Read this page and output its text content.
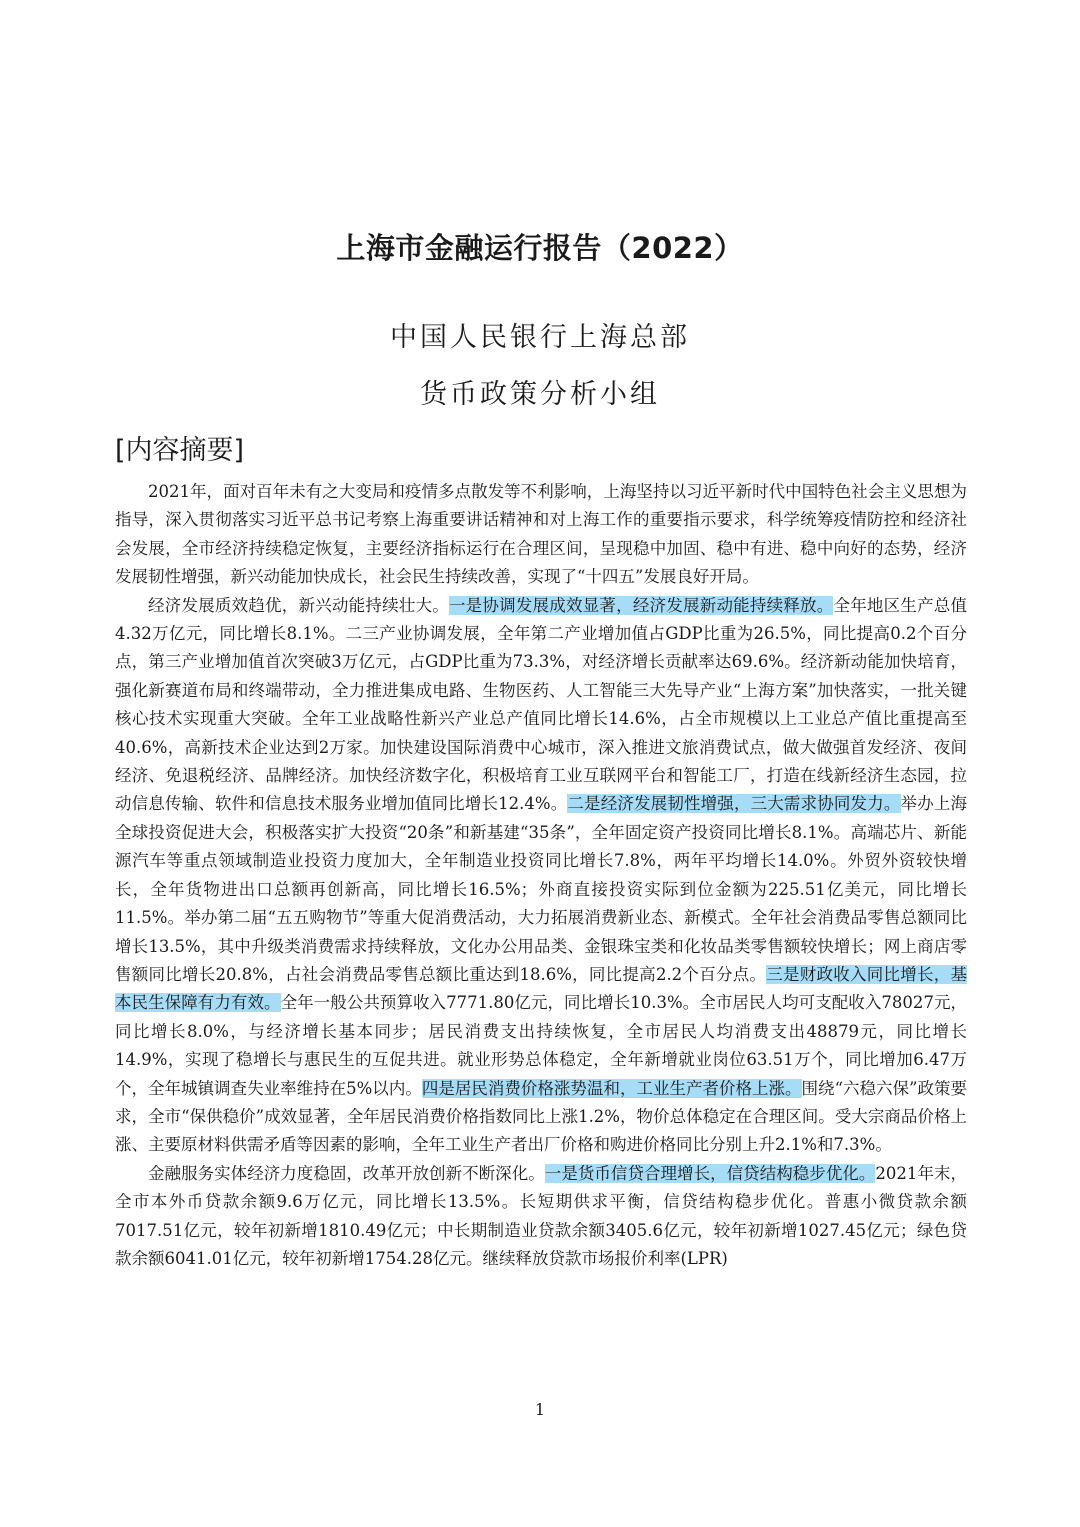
上海市金融运行报告（2022）
中国人民银行上海总部
货币政策分析小组
[内容摘要]

2021年，面对百年未有之大变局和疫情多点散发等不利影响，上海坚持以习近平新时代中国特色社会主义思想为指导，深入贯彻落实习近平总书记考察上海重要讲话精神和对上海工作的重要指示要求，科学统筹疫情防控和经济社会发展，全市经济持续稳定恢复，主要经济指标运行在合理区间，呈现稳中加固、稳中有进、稳中向好的态势，经济发展韧性增强，新兴动能加快成长，社会民生持续改善，实现了“十四五”发展良好开局。

经济发展质效趋优，新兴动能持续壮大。一是协调发展成效显著，经济发展新动能持续释放。全年地区生产总值4.32万亿元，同比增长8.1%。二三产业协调发展，全年第二产业增加值占GDP比重为26.5%，同比提高0.2个百分点，第三产业增加值首次突破3万亿元，占GDP比重为73.3%，对经济增长贡献率达69.6%。经济新动能加快培育，强化新赛道布局和终端带动，全力推进集成电路、生物医药、人工智能三大先导产业“上海方案”加快落实，一批关键核心技术实现重大突破。全年工业战略性新兴产业总产值同比增长14.6%，占全市规模以上工业总产值比重提高至40.6%，高新技术企业达到2万家。加快建设国际消费中心城市，深入推进文旅消费试点，做大做强首发经济、夜间经济、免退税经济、品牌经济。加快经济数字化，积极培育工业互联网平台和智能工厂，打造在线新经济生态园，拉动信息传输、软件和信息技术服务业增加值同比增长12.4%。二是经济发展韧性增强，三大需求协同发力。举办上海全球投资促进大会，积极落实扩大投资“20条”和新基建“35条”，全年固定资产投资同比增长8.1%。高端芯片、新能源汽车等重点领域制造业投资力度加大，全年制造业投资同比增长7.8%，两年平均增长14.0%。外贸外资较快增长，全年货物进出口总额再创新高，同比增长16.5%；外商直接投资实际到位金额为225.51亿美元，同比增长11.5%。举办第二届“五五购物节”等重大促消费活动，大力拓展消费新业态、新模式。全年社会消费品零售总额同比增长13.5%，其中升级类消费需求持续释放，文化办公用品类、金银珠宝类和化妆品类零售额较快增长；网上商店零售额同比增长20.8%，占社会消费品零售总额比重达到18.6%，同比提高2.2个百分点。三是财政收入同比增长，基本民生保障有力有效。全年一般公共预算收入7771.80亿元，同比增长10.3%。全市居民人均可支配收入78027元，同比增长8.0%，与经济增长基本同步；居民消费支出持续恢复，全市居民人均消费支出48879元，同比增长14.9%，实现了稳增长与惠民生的互促共进。就业形势总体稳定，全年新增就业岗位63.51万个，同比增加6.47万个，全年城镇调查失业率维持在5%以内。四是居民消费价格涨势温和，工业生产者价格上涨。围绕“六稳六保”政策要求，全市“保供稳价”成效显著，全年居民消费价格指数同比上涨1.2%，物价总体稳定在合理区间。受大宗商品价格上涨、主要原材料供需矛盾等因素的影响，全年工业生产者出厂价格和购进价格同比分别上升2.1%和7.3%。

金融服务实体经济力度稳固，改革开放创新不断深化。一是货币信贷合理增长，信贷结构稳步优化。2021年末，全市本外币贷款余额9.6万亿元，同比增长13.5%。长短期供求平衡，信贷结构稳步优化。普惠小微贷款余额7017.51亿元，较年初新增1810.49亿元；中长期制造业贷款余额3405.6亿元，较年初新增1027.45亿元；绿色贷款余额6041.01亿元，较年初新增1754.28亿元。继续释放贷款市场报价利率(LPR)

1
